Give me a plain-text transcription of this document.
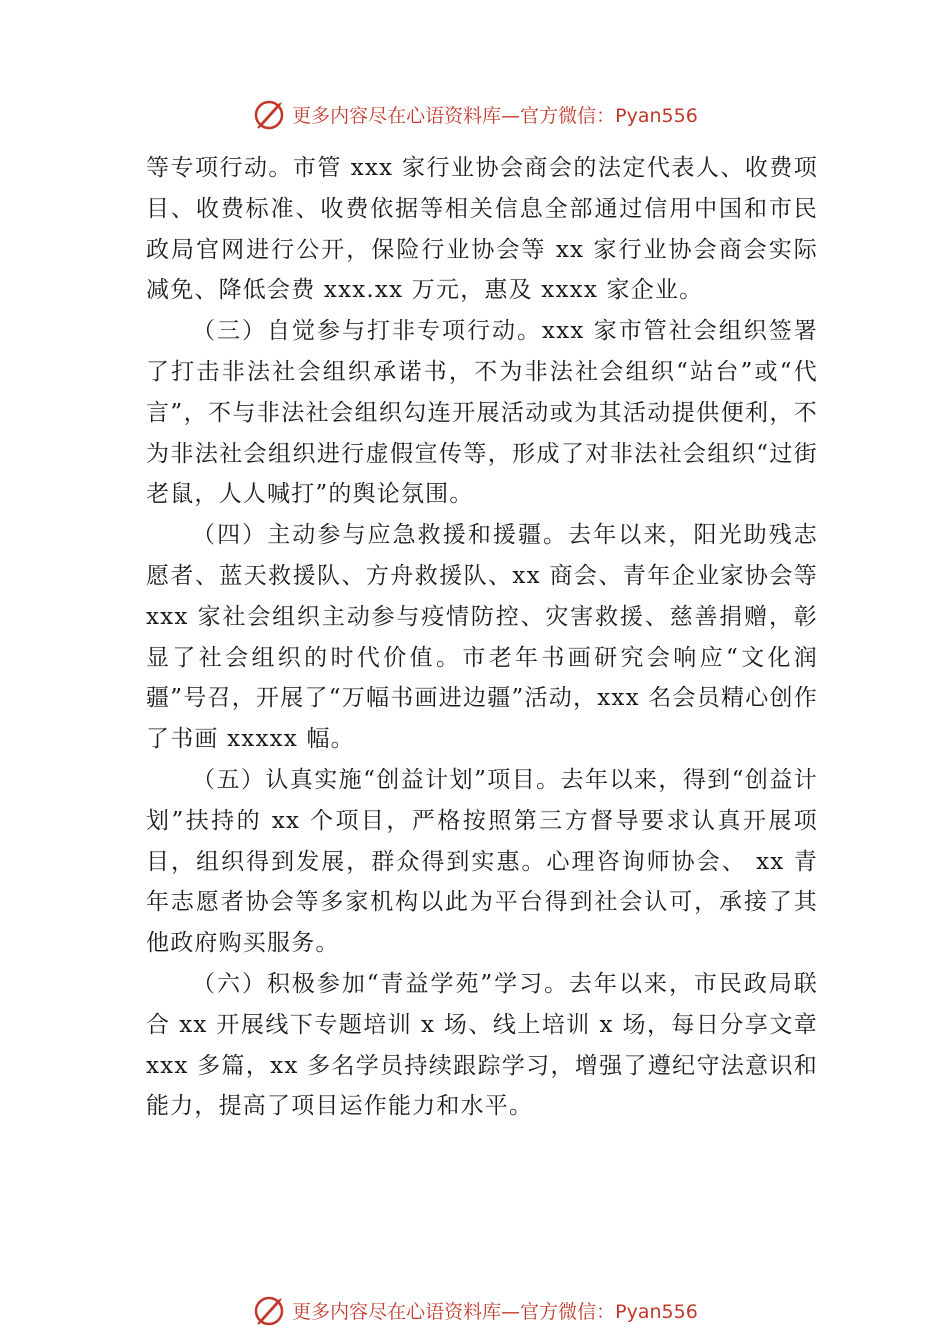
更多内容尽在心语资料库—官方微信：Pyan556

等专项行动。市管 xxx 家行业协会商会的法定代表人、收费项目、收费标准、收费依据等相关信息全部通过信用中国和市民政局官网进行公开，保险行业协会等 xx 家行业协会商会实际减免、降低会费 xxx.xx 万元，惠及 xxxx 家企业。

（三）自觉参与打非专项行动。xxx 家市管社会组织签署了打击非法社会组织承诺书，不为非法社会组织“站台”或“代言”，不与非法社会组织勾连开展活动或为其活动提供便利，不为非法社会组织进行虚假宣传等，形成了对非法社会组织“过街老鼠，人人喊打”的舆论氛围。

（四）主动参与应急救援和援疆。去年以来，阳光助残志愿者、蓝天救援队、方舟救援队、xx 商会、青年企业家协会等 xxx 家社会组织主动参与疫情防控、灾害救援、慈善捐赠，彰显了社会组织的时代价值。市老年书画研究会响应“文化润疆”号召，开展了“万幅书画进边疆”活动，xxx 名会员精心创作了书画 xxxxx 幅。

（五）认真实施“创益计划”项目。去年以来，得到“创益计划”扶持的 xx 个项目，严格按照第三方督导要求认真开展项目，组织得到发展，群众得到实惠。心理咨询师协会、 xx 青年志愿者协会等多家机构以此为平台得到社会认可，承接了其他政府购买服务。

（六）积极参加“青益学苑”学习。去年以来，市民政局联合 xx 开展线下专题培训 x 场、线上培训 x 场，每日分享文章 xxx 多篇，xx 多名学员持续跟踪学习，增强了遵纪守法意识和能力，提高了项目运作能力和水平。

更多内容尽在心语资料库—官方微信：Pyan556
